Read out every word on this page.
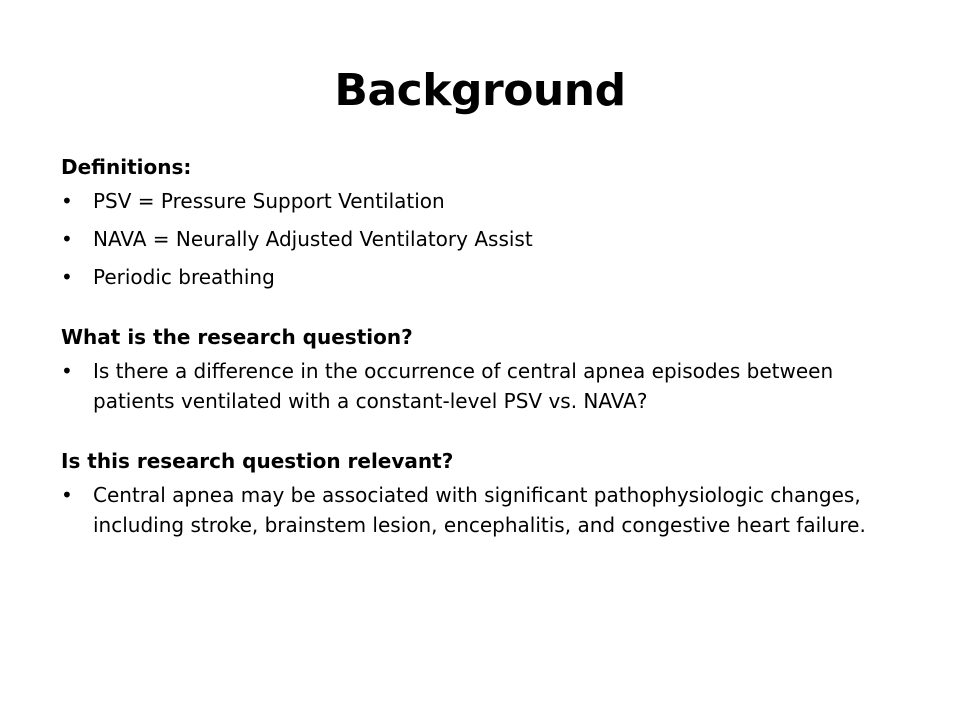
Background
Definitions:
• PSV = Pressure Support Ventilation
• NAVA = Neurally Adjusted Ventilatory Assist
• Periodic breathing
What is the research question?
• Is there a difference in the occurrence of central apnea episodes between patients ventilated with a constant-level PSV vs. NAVA?
Is this research question relevant?
• Central apnea may be associated with significant pathophysiologic changes, including stroke, brainstem lesion, encephalitis, and congestive heart failure.
